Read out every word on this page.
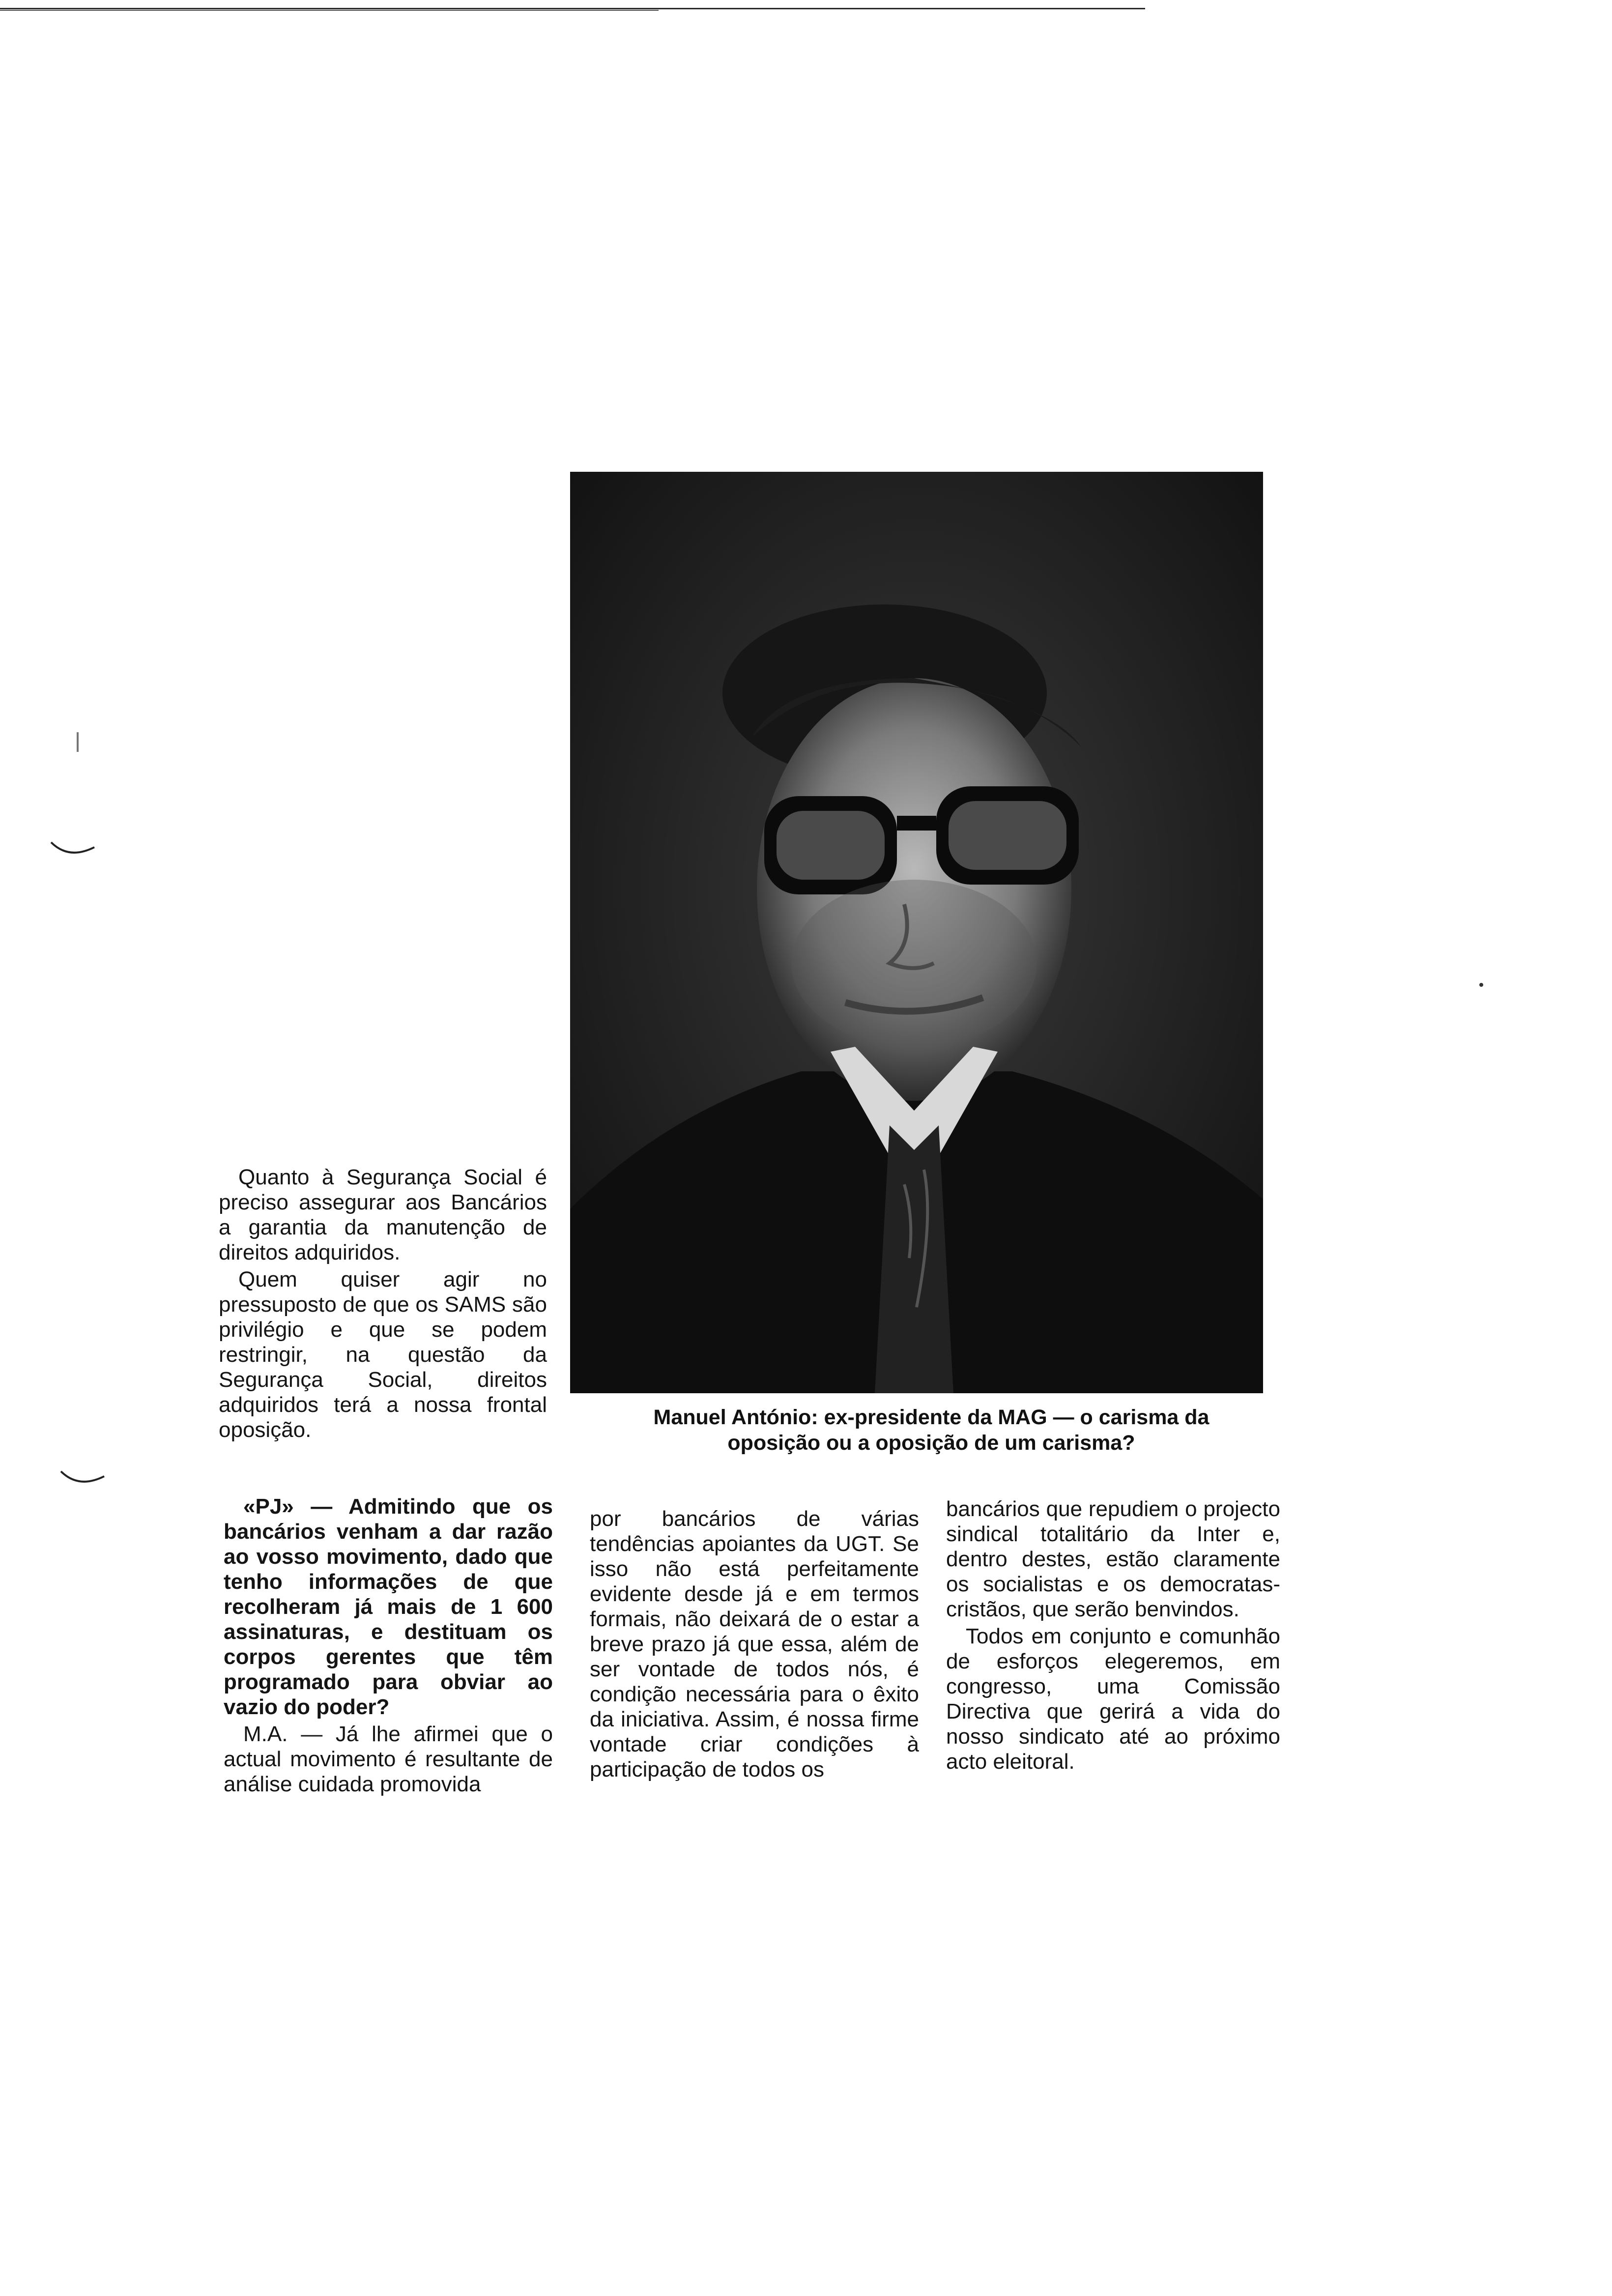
Manuel António: ex-presidente da MAG — o carisma da
oposição ou a oposição de um carisma?

Quanto à Segurança Social é preciso assegurar aos Bancários a garantia da manutenção de direitos adquiridos.

Quem quiser agir no pressuposto de que os SAMS são privilégio e que se podem restringir, na questão da Segurança Social, direitos adquiridos terá a nossa frontal oposição.

«PJ» — Admitindo que os bancários venham a dar razão ao vosso movimento, dado que tenho informações de que recolheram já mais de 1 600 assinaturas, e destituam os corpos gerentes que têm programado para obviar ao vazio do poder?

M.A. — Já lhe afirmei que o actual movimento é resultante de análise cuidada promovida

por bancários de várias tendências apoiantes da UGT. Se isso não está perfeitamente evidente desde já e em termos formais, não deixará de o estar a breve prazo já que essa, além de ser vontade de todos nós, é condição necessária para o êxito da iniciativa. Assim, é nossa firme vontade criar condições à participação de todos os

bancários que repudiem o projecto sindical totalitário da Inter e, dentro destes, estão claramente os socialistas e os democratas-cristãos, que serão benvindos.

Todos em conjunto e comunhão de esforços elegeremos, em congresso, uma Comissão Directiva que gerirá a vida do nosso sindicato até ao próximo acto eleitoral.
